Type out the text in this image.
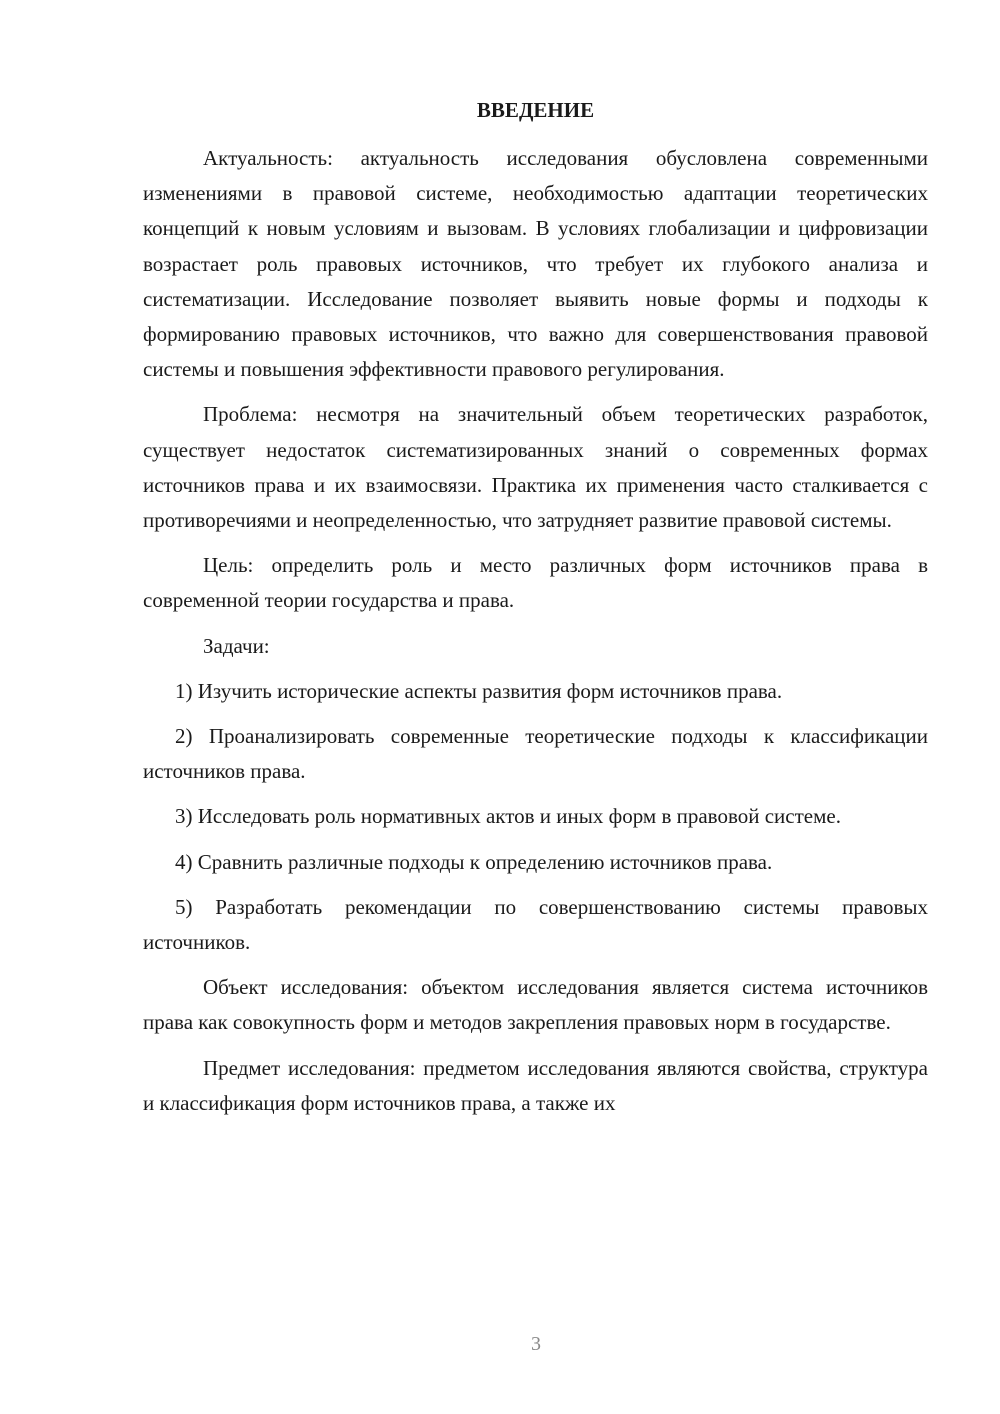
ВВЕДЕНИЕ

Актуальность: актуальность исследования обусловлена современными изменениями в правовой системе, необходимостью адаптации теоретических концепций к новым условиям и вызовам. В условиях глобализации и цифровизации возрастает роль правовых источников, что требует их глубокого анализа и систематизации. Исследование позволяет выявить новые формы и подходы к формированию правовых источников, что важно для совершенствования правовой системы и повышения эффективности правового регулирования.

Проблема: несмотря на значительный объем теоретических разработок, существует недостаток систематизированных знаний о современных формах источников права и их взаимосвязи. Практика их применения часто сталкивается с противоречиями и неопределенностью, что затрудняет развитие правовой системы.

Цель: определить роль и место различных форм источников права в современной теории государства и права.

Задачи:

1) Изучить исторические аспекты развития форм источников права.

2) Проанализировать современные теоретические подходы к классификации источников права.

3) Исследовать роль нормативных актов и иных форм в правовой системе.

4) Сравнить различные подходы к определению источников права.

5) Разработать рекомендации по совершенствованию системы правовых источников.

Объект исследования: объектом исследования является система источников права как совокупность форм и методов закрепления правовых норм в государстве.

Предмет исследования: предметом исследования являются свойства, структура и классификация форм источников права, а также их

3
